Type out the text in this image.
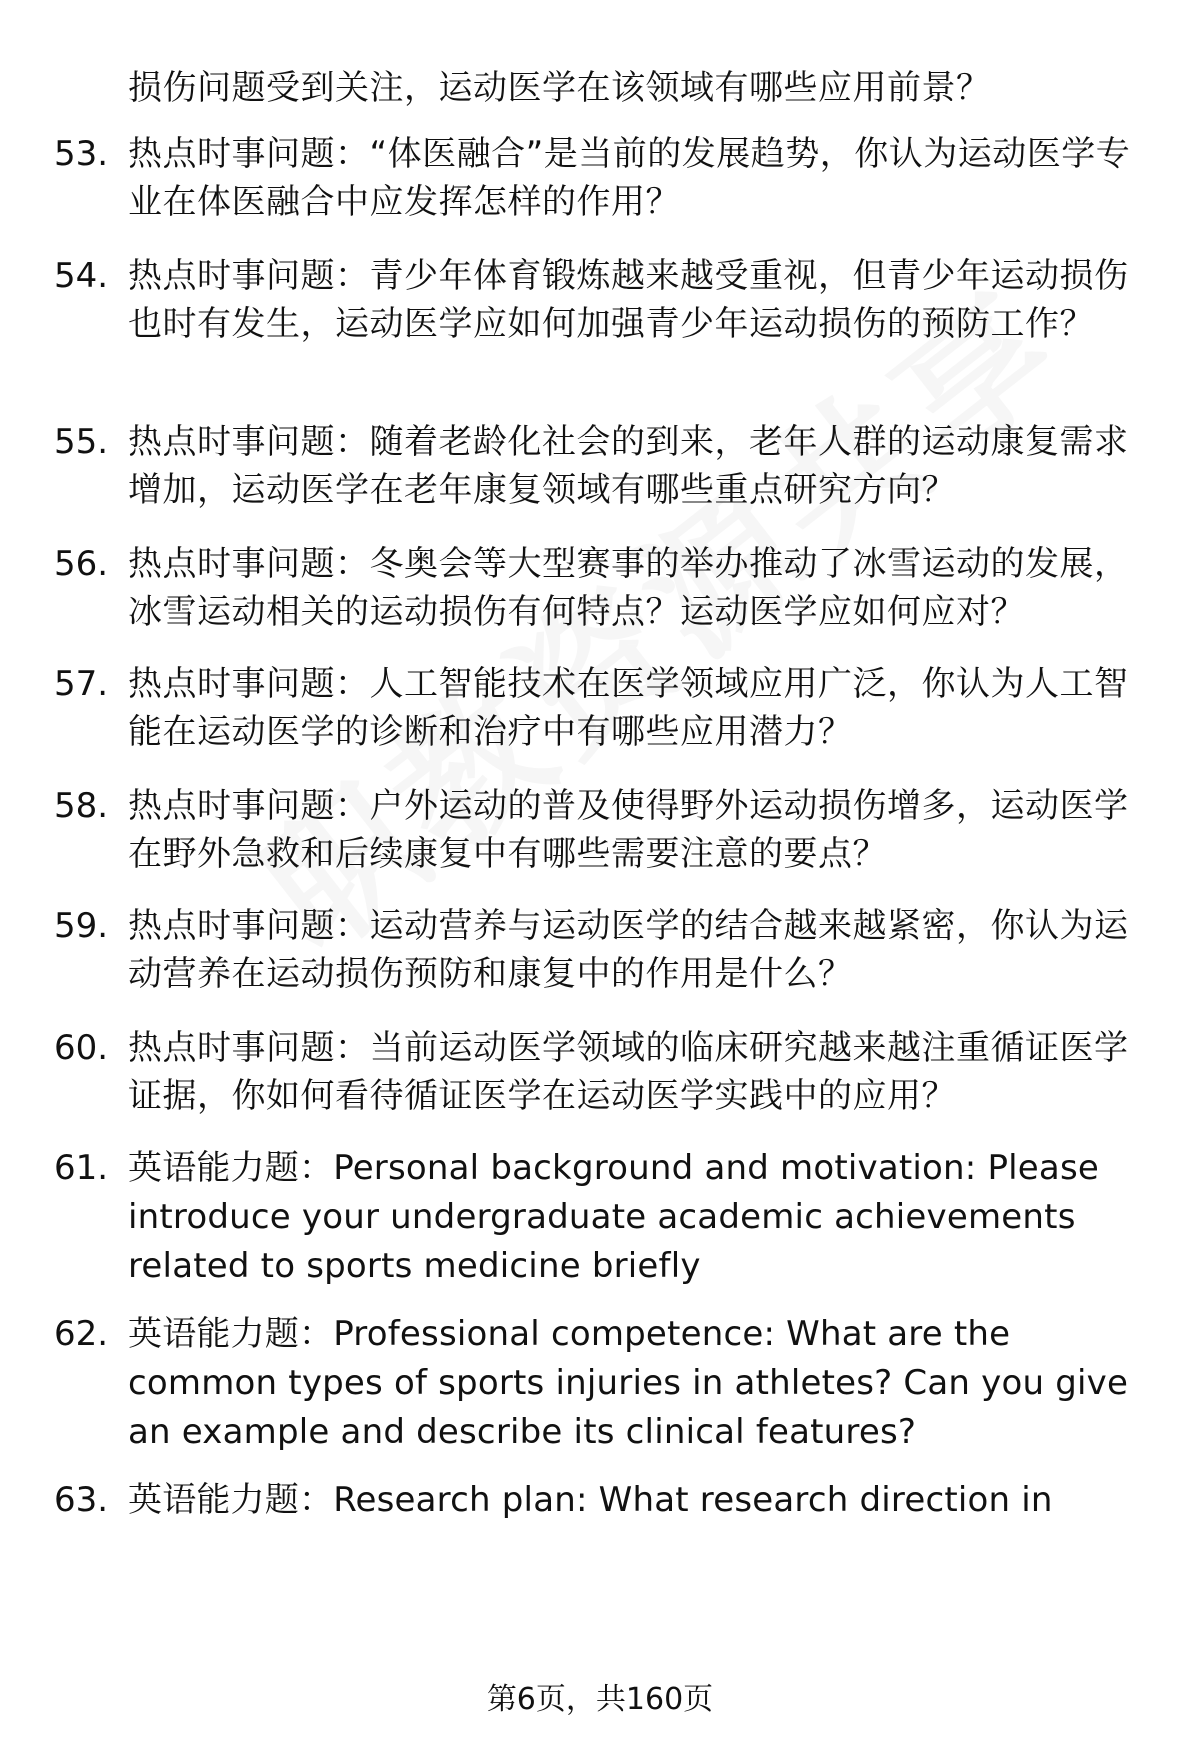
损伤问题受到关注，运动医学在该领域有哪些应用前景？
53. 热点时事问题：“体医融合”是当前的发展趋势，你认为运动医学专业在体医融合中应发挥怎样的作用？
54. 热点时事问题：青少年体育锻炼越来越受重视，但青少年运动损伤也时有发生，运动医学应如何加强青少年运动损伤的预防工作？
55. 热点时事问题：随着老龄化社会的到来，老年人群的运动康复需求增加，运动医学在老年康复领域有哪些重点研究方向？
56. 热点时事问题：冬奥会等大型赛事的举办推动了冰雪运动的发展，冰雪运动相关的运动损伤有何特点？运动医学应如何应对？
57. 热点时事问题：人工智能技术在医学领域应用广泛，你认为人工智能在运动医学的诊断和治疗中有哪些应用潜力？
58. 热点时事问题：户外运动的普及使得野外运动损伤增多，运动医学在野外急救和后续康复中有哪些需要注意的要点？
59. 热点时事问题：运动营养与运动医学的结合越来越紧密，你认为运动营养在运动损伤预防和康复中的作用是什么？
60. 热点时事问题：当前运动医学领域的临床研究越来越注重循证医学证据，你如何看待循证医学在运动医学实践中的应用？
61. 英语能力题：Personal background and motivation: Please introduce your undergraduate academic achievements related to sports medicine briefly
62. 英语能力题：Professional competence: What are the common types of sports injuries in athletes? Can you give an example and describe its clinical features?
63. 英语能力题：Research plan: What research direction in
第6页，共160页
